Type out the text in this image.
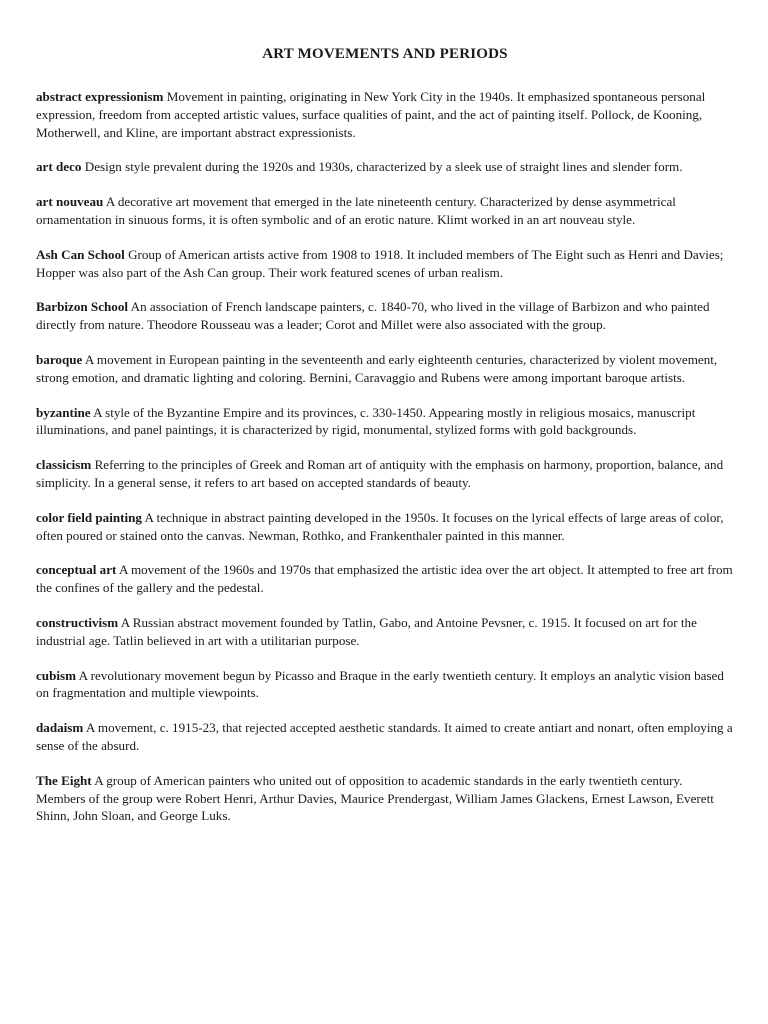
ART MOVEMENTS AND PERIODS

abstract expressionism Movement in painting, originating in New York City in the 1940s. It emphasized spontaneous personal expression, freedom from accepted artistic values, surface qualities of paint, and the act of painting itself. Pollock, de Kooning, Motherwell, and Kline, are important abstract expressionists.

art deco Design style prevalent during the 1920s and 1930s, characterized by a sleek use of straight lines and slender form.

art nouveau A decorative art movement that emerged in the late nineteenth century. Characterized by dense asymmetrical ornamentation in sinuous forms, it is often symbolic and of an erotic nature. Klimt worked in an art nouveau style.

Ash Can School Group of American artists active from 1908 to 1918. It included members of The Eight such as Henri and Davies; Hopper was also part of the Ash Can group. Their work featured scenes of urban realism.

Barbizon School An association of French landscape painters, c. 1840-70, who lived in the village of Barbizon and who painted directly from nature. Theodore Rousseau was a leader; Corot and Millet were also associated with the group.

baroque A movement in European painting in the seventeenth and early eighteenth centuries, characterized by violent movement, strong emotion, and dramatic lighting and coloring. Bernini, Caravaggio and Rubens were among important baroque artists.

byzantine A style of the Byzantine Empire and its provinces, c. 330-1450. Appearing mostly in religious mosaics, manuscript illuminations, and panel paintings, it is characterized by rigid, monumental, stylized forms with gold backgrounds.

classicism Referring to the principles of Greek and Roman art of antiquity with the emphasis on harmony, proportion, balance, and simplicity. In a general sense, it refers to art based on accepted standards of beauty.

color field painting A technique in abstract painting developed in the 1950s. It focuses on the lyrical effects of large areas of color, often poured or stained onto the canvas. Newman, Rothko, and Frankenthaler painted in this manner.

conceptual art A movement of the 1960s and 1970s that emphasized the artistic idea over the art object. It attempted to free art from the confines of the gallery and the pedestal.

constructivism A Russian abstract movement founded by Tatlin, Gabo, and Antoine Pevsner, c. 1915. It focused on art for the industrial age. Tatlin believed in art with a utilitarian purpose.

cubism A revolutionary movement begun by Picasso and Braque in the early twentieth century. It employs an analytic vision based on fragmentation and multiple viewpoints.

dadaism A movement, c. 1915-23, that rejected accepted aesthetic standards. It aimed to create antiart and nonart, often employing a sense of the absurd.

The Eight A group of American painters who united out of opposition to academic standards in the early twentieth century. Members of the group were Robert Henri, Arthur Davies, Maurice Prendergast, William James Glackens, Ernest Lawson, Everett Shinn, John Sloan, and George Luks.
